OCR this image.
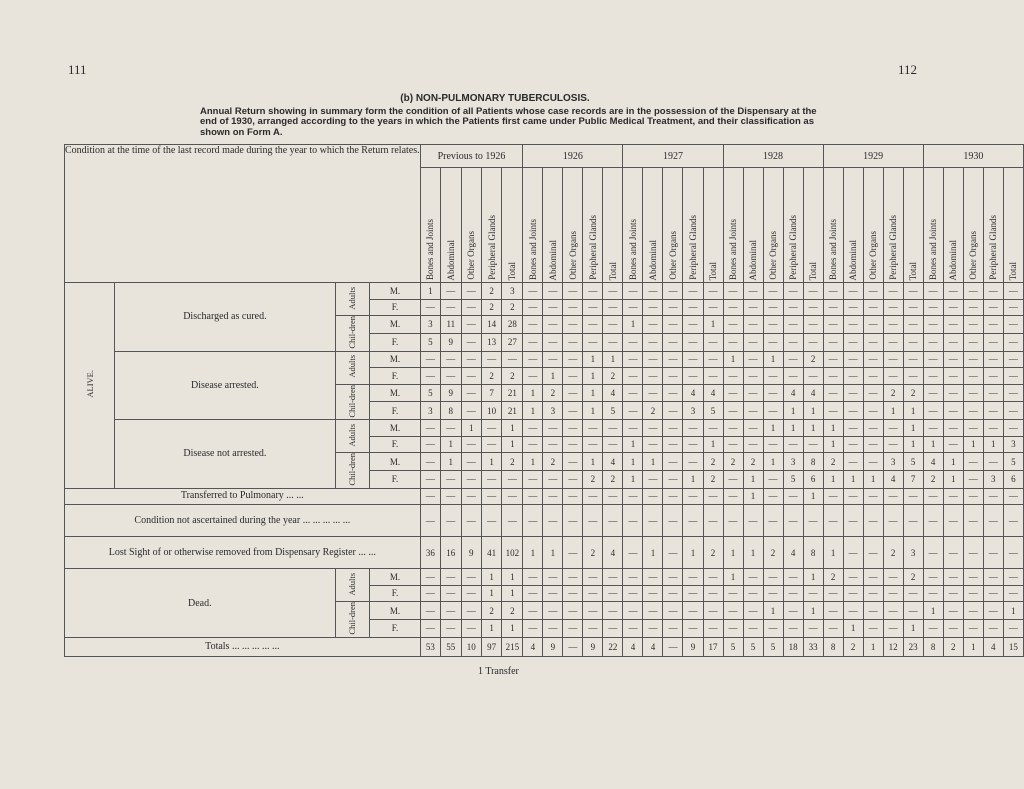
111	112
(b) NON-PULMONARY TUBERCULOSIS.
Annual Return showing in summary form the condition of all Patients whose case records are in the possession of the Dispensary at the end of 1930, arranged according to the years in which the Patients first came under Public Medical Treatment, and their classification as shown on Form A.
Condition at the time of the last record made during the year to which the Return relates.				Previous to 1926					1926					1927					1928					1929					1930				
				Bones and Joints	Abdominal	Other Organs	Peripheral Glands	Total	Bones and Joints	Abdominal	Other Organs	Peripheral Glands	Total	Bones and Joints	Abdominal	Other Organs	Peripheral Glands	Total	Bones and Joints	Abdominal	Other Organs	Peripheral Glands	Total	Bones and Joints	Abdominal	Other Organs	Peripheral Glands	Total	Bones and Joints	Abdominal	Other Organs	Peripheral Glands	Total
ALIVE.	Discharged as cured.	Adults	M.	1	—	—	2	3	—	—	—	—	—	—	—	—	—	—	—	—	—	—	—	—	—	—	—	—	—	—	—	—	—
			F.	—	—	—	2	2	—	—	—	—	—	—	—	—	—	—	—	—	—	—	—	—	—	—	—	—	—	—	—	—	—
		Chil-dren	M.	3	11	—	14	28	—	—	—	—	—	1	—	—	—	1	—	—	—	—	—	—	—	—	—	—	—	—	—	—	—
			F.	5	9	—	13	27	—	—	—	—	—	—	—	—	—	—	—	—	—	—	—	—	—	—	—	—	—	—	—	—	—
	Disease arrested.	Adults	M.	—	—	—	—	—	—	—	—	1	1	—	—	—	—	—	1	—	1	—	2	—	—	—	—	—	—	—	—	—	—
			F.	—	—	—	2	2	—	1	—	1	2	—	—	—	—	—	—	—	—	—	—	—	—	—	—	—	—	—	—	—	—
		Chil-dren	M.	5	9	—	7	21	1	2	—	1	4	—	—	—	4	4	—	—	—	4	4	—	—	—	2	2	—	—	—	—	—
			F.	3	8	—	10	21	1	3	—	1	5	—	2	—	3	5	—	—	—	1	1	—	—	—	1	1	—	—	—	—	—
	Disease not arrested.	Adults	M.	—	—	1	—	1	—	—	—	—	—	—	—	—	—	—	—	—	1	1	1	1	—	—	—	1	—	—	—	—	—
			F.	—	1	—	—	1	—	—	—	—	—	1	—	—	—	1	—	—	—	—	—	1	—	—	—	1	1	—	1	1	3
		Chil-dren	M.	—	1	—	1	2	1	2	—	1	4	1	1	—	—	2	2	2	1	3	8	2	—	—	3	5	4	1	—	—	5
			F.	—	—	—	—	—	—	—	—	2	2	1	—	—	1	2	—	1	—	5	6	1	1	1	4	7	2	1	—	3	6
Transferred to Pulmonary ... ...				—	—	—	—	—	—	—	—	—	—	—	—	—	—	—	—	1	—	—	1	—	—	—	—	—	—	—	—	—	—
Condition not ascertained during the year ... ... ... ... ...				—	—	—	—	—	—	—	—	—	—	—	—	—	—	—	—	—	—	—	—	—	—	—	—	—	—	—	—	—	—
Lost Sight of or otherwise removed from Dispensary Register ... ...				36	16	9	41	102	1	1	—	2	4	—	1	—	1	2	1	1	2	4	8	1	—	—	2	3	—	—	—	—	—
Dead.		Adults	M.	—	—	—	1	1	—	—	—	—	—	—	—	—	—	—	1	—	—	—	1	2	—	—	—	2	—	—	—	—	—
			F.	—	—	—	1	1	—	—	—	—	—	—	—	—	—	—	—	—	—	—	—	—	—	—	—	—	—	—	—	—	—
		Chil-dren	M.	—	—	—	2	2	—	—	—	—	—	—	—	—	—	—	—	—	1	—	1	—	—	—	—	—	1	—	—	—	1
			F.	—	—	—	1	1	—	—	—	—	—	—	—	—	—	—	—	—	—	—	—	—	1	—	—	1	—	—	—	—	—
Totals ... ... ... ... ...				53	55	10	97	215	4	9	—	9	22	4	4	—	9	17	5	5	5	18	33	8	2	1	12	23	8	2	1	4	15
1 Transfer
